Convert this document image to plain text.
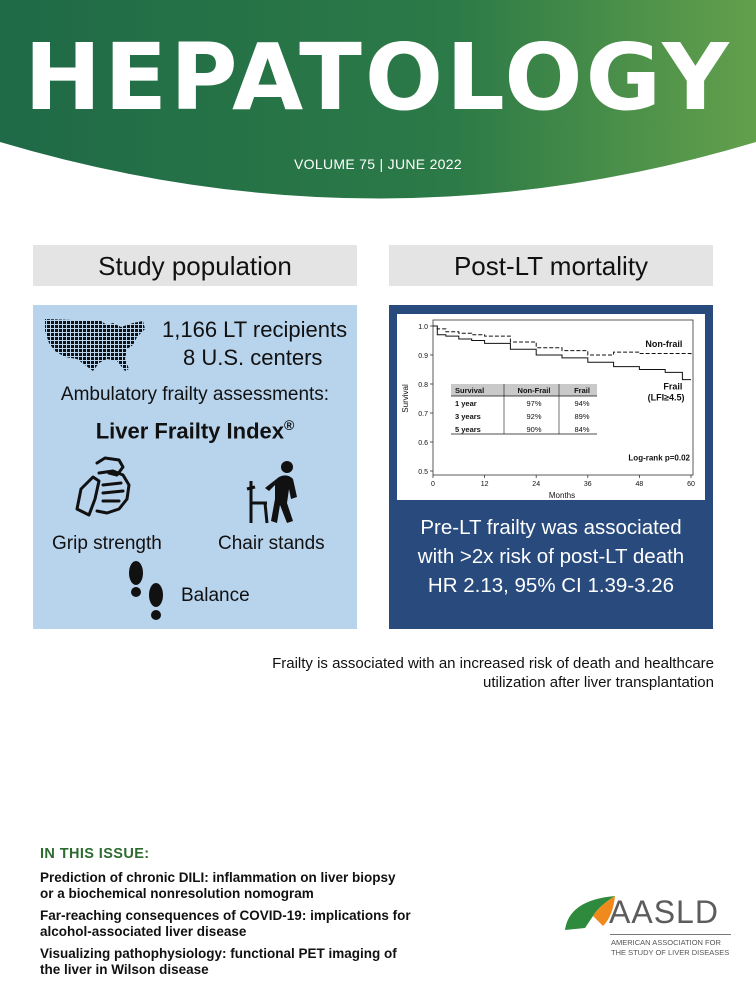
HEPATOLOGY
VOLUME 75 | JUNE 2022
Study population	Post-LT mortality
1,166 LT recipients
8 U.S. centers
Ambulatory frailty assessments:
Liver Frailty Index®
Grip strength	Chair stands
Balance
0.5
0.6
0.7
0.8
0.9
1.0
0	12	24	36	48	60
Months
Survival	Survival	Non-Frail	Frail
1 year	97%	94%
3 years	92%	89%
5 years	90%	84%
Non-frail
Frail
(LFI≥4.5)
Log-rank p=0.02
Pre-LT frailty was associated
with >2x risk of post-LT death
HR 2.13, 95% CI 1.39-3.26
Frailty is associated with an increased risk of death and healthcare
utilization after liver transplantation
IN THIS ISSUE:
Prediction of chronic DILI: inflammation on liver biopsy
or a biochemical nonresolution nomogram
Far-reaching consequences of COVID-19: implications for
alcohol-associated liver disease
Visualizing pathophysiology: functional PET imaging of
the liver in Wilson disease
AASLD
AMERICAN ASSOCIATION FOR
THE STUDY OF LIVER DISEASES
